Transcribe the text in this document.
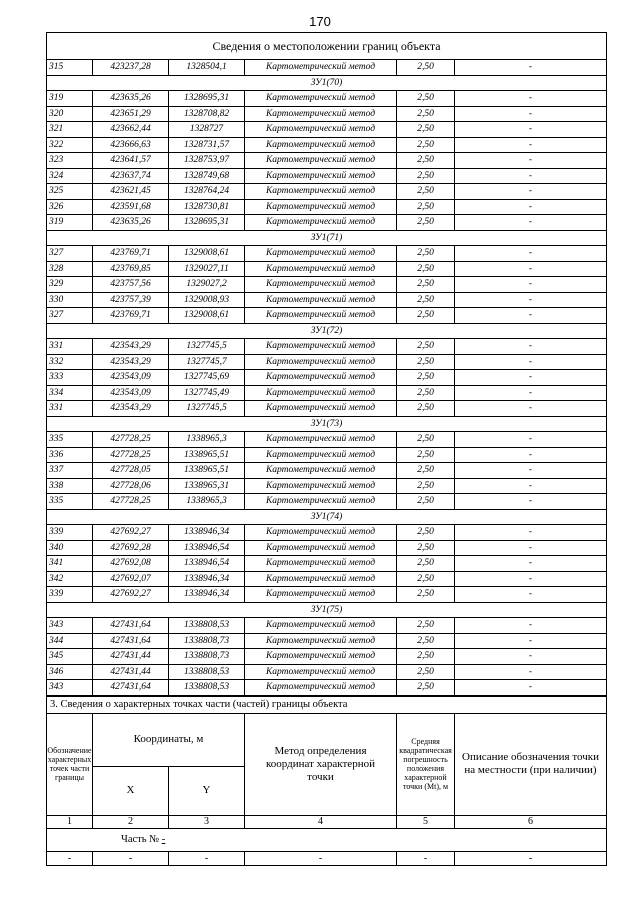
170
Сведения о местоположении границ объекта					
315	423237,28	1328504,1	Картометрический метод	2,50	-
ЗУ1(70)					
319	423635,26	1328695,31	Картометрический метод	2,50	-
320	423651,29	1328708,82	Картометрический метод	2,50	-
321	423662,44	1328727	Картометрический метод	2,50	-
322	423666,63	1328731,57	Картометрический метод	2,50	-
323	423641,57	1328753,97	Картометрический метод	2,50	-
324	423637,74	1328749,68	Картометрический метод	2,50	-
325	423621,45	1328764,24	Картометрический метод	2,50	-
326	423591,68	1328730,81	Картометрический метод	2,50	-
319	423635,26	1328695,31	Картометрический метод	2,50	-
ЗУ1(71)					
327	423769,71	1329008,61	Картометрический метод	2,50	-
328	423769,85	1329027,11	Картометрический метод	2,50	-
329	423757,56	1329027,2	Картометрический метод	2,50	-
330	423757,39	1329008,93	Картометрический метод	2,50	-
327	423769,71	1329008,61	Картометрический метод	2,50	-
ЗУ1(72)					
331	423543,29	1327745,5	Картометрический метод	2,50	-
332	423543,29	1327745,7	Картометрический метод	2,50	-
333	423543,09	1327745,69	Картометрический метод	2,50	-
334	423543,09	1327745,49	Картометрический метод	2,50	-
331	423543,29	1327745,5	Картометрический метод	2,50	-
ЗУ1(73)					
335	427728,25	1338965,3	Картометрический метод	2,50	-
336	427728,25	1338965,51	Картометрический метод	2,50	-
337	427728,05	1338965,51	Картометрический метод	2,50	-
338	427728,06	1338965,31	Картометрический метод	2,50	-
335	427728,25	1338965,3	Картометрический метод	2,50	-
ЗУ1(74)					
339	427692,27	1338946,34	Картометрический метод	2,50	-
340	427692,28	1338946,54	Картометрический метод	2,50	-
341	427692,08	1338946,54	Картометрический метод	2,50	-
342	427692,07	1338946,34	Картометрический метод	2,50	-
339	427692,27	1338946,34	Картометрический метод	2,50	-
ЗУ1(75)					
343	427431,64	1338808,53	Картометрический метод	2,50	-
344	427431,64	1338808,73	Картометрический метод	2,50	-
345	427431,44	1338808,73	Картометрический метод	2,50	-
346	427431,44	1338808,53	Картометрический метод	2,50	-
343	427431,64	1338808,53	Картометрический метод	2,50	-
3. Сведения о характерных точках части (частей) границы объекта					
Обозначение характерных точек части границы	Координаты, м		Метод определения координат характерной точки	Средняя квадратическая погрешность положения характерной точки (Mt), м	Описание обозначения точки на местности (при наличии)
	X	Y			
1	2	3	4	5	6
Часть № -					
-	-	-	-	-	-
